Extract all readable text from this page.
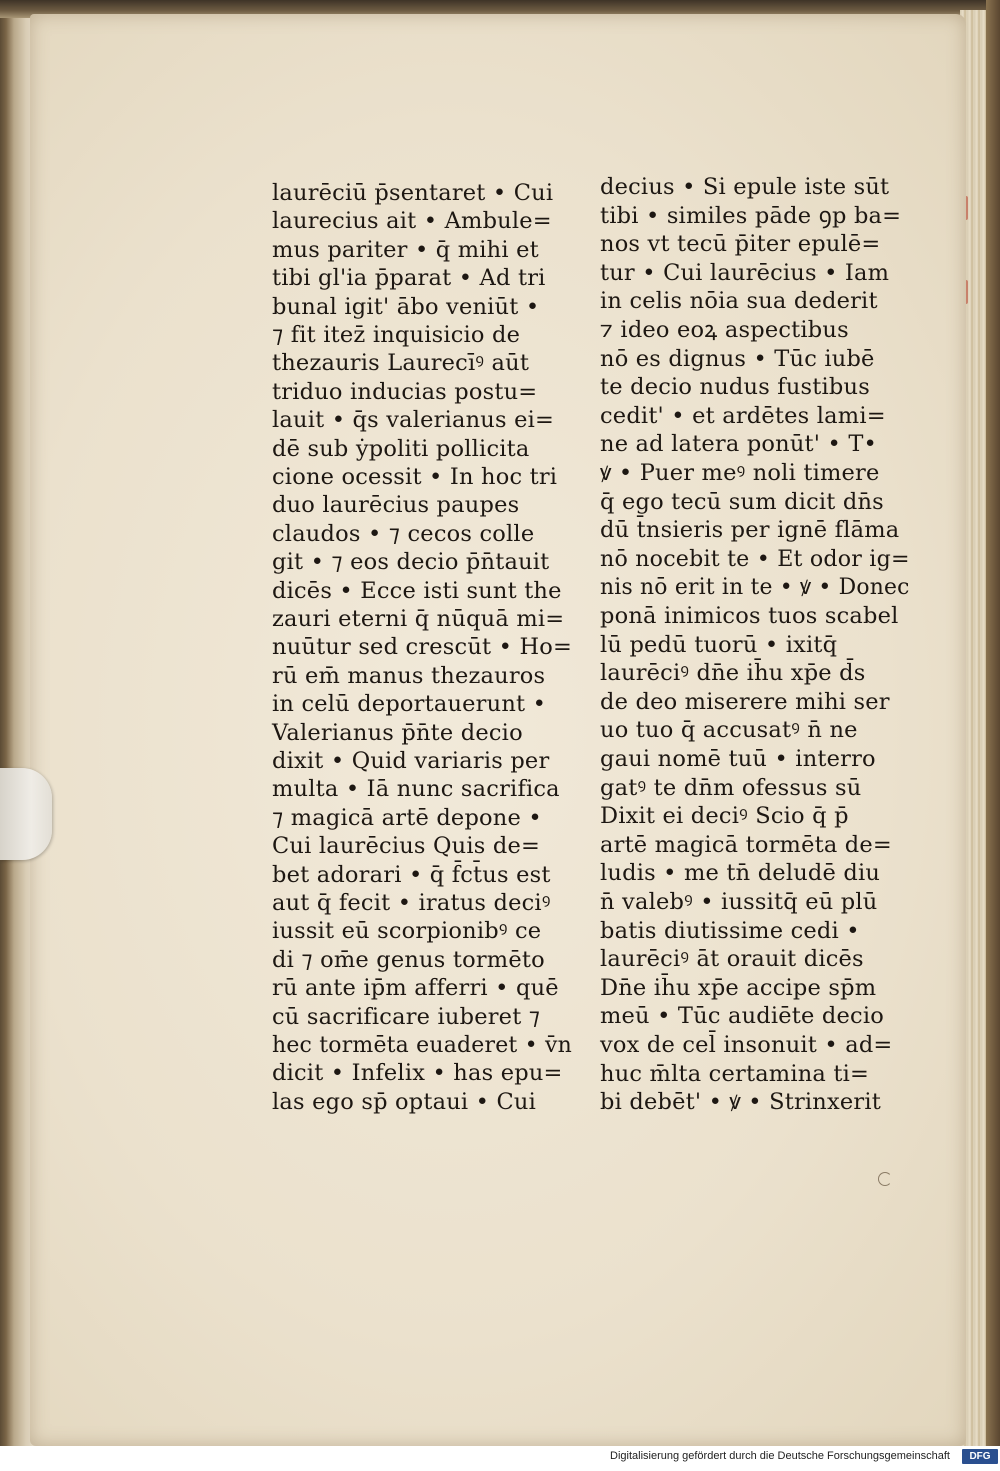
laurēciū p̄sentaret • Cui
laurecius ait • Ambule=
mus pariter • q̄ mihi et
tibi gl'ia p̄parat • Ad tri
bunal igit' ābo veniūt •
⁊ fit itez̄ inquisicio de
thezauris Laurecīꝰ aūt
triduo inducias postu=
lauit • q̄s valerianus ei=
dē sub ẏpoliti pollicita
cione ocessit • In hoc tri
duo laurēcius paupes
claudos • ⁊ cecos colle
git • ⁊ eos decio p̄n̄tauit
dicēs • Ecce isti sunt the
zauri eterni q̄ nūquā mi=
nuūtur sed crescūt • Ho=
rū em̄ manus thezauros
in celū deportauerunt •
Valerianus p̄n̄te decio
dixit • Quid variaris per
multa • Iā nunc sacrifica
⁊ magicā artē depone •
Cui laurēcius Quis de=
bet adorari • q̄ f̄ct̄us est
aut q̄ fecit • iratus deciꝰ
iussit eū scorpionibꝰ ce
di ⁊ om̄e genus tormēto
rū ante ip̄m afferri • quē
cū sacrificare iuberet ⁊
hec tormēta euaderet • v̄n
dicit • Infelix • has epu=
las ego sp̄ optaui • Cui
decius • Si epule iste sūt
tibi • similes pāde ꝯp ba=
nos vt tecū p̄iter epulē=
tur • Cui laurēcius • Iam
in celis nōia sua dederit
⁊ ideo eoꝝ aspectibus
nō es dignus • Tūc iubē
te decio nudus fustibus
cedit' • et ardētes lami=
ne ad latera ponūt' • T•
ꝟ • Puer meꝰ noli timere
q̄ ego tecū sum dicit dn̄s
dū t̄nsieris per ignē flāma
nō nocebit te • Et odor ig=
nis nō erit in te • ꝟ • Donec
ponā inimicos tuos scabel
lū pedū tuorū • ixitq̄
laurēciꝰ dn̄e ih̄u xp̄e d̄s
de deo miserere mihi ser
uo tuo q̄ accusatꝰ n̄ ne
gaui nomē tuū • interro
gatꝰ te dn̄m ofessus sū
Dixit ei deciꝰ Scio q̄ p̄
artē magicā tormēta de=
ludis • me tn̄ deludē diu
n̄ valebꝰ • iussitq̄ eū plū
batis diutissime cedi •
laurēciꝰ āt orauit dicēs
Dn̄e ih̄u xp̄e accipe sp̄m
meū • Tūc audiēte decio
vox de cel̄ insonuit • ad=
huc m̄lta certamina ti=
bi debēt' • ꝟ • Strinxerit
Digitalisierung gefördert durch die Deutsche Forschungsgemeinschaft	DFG
